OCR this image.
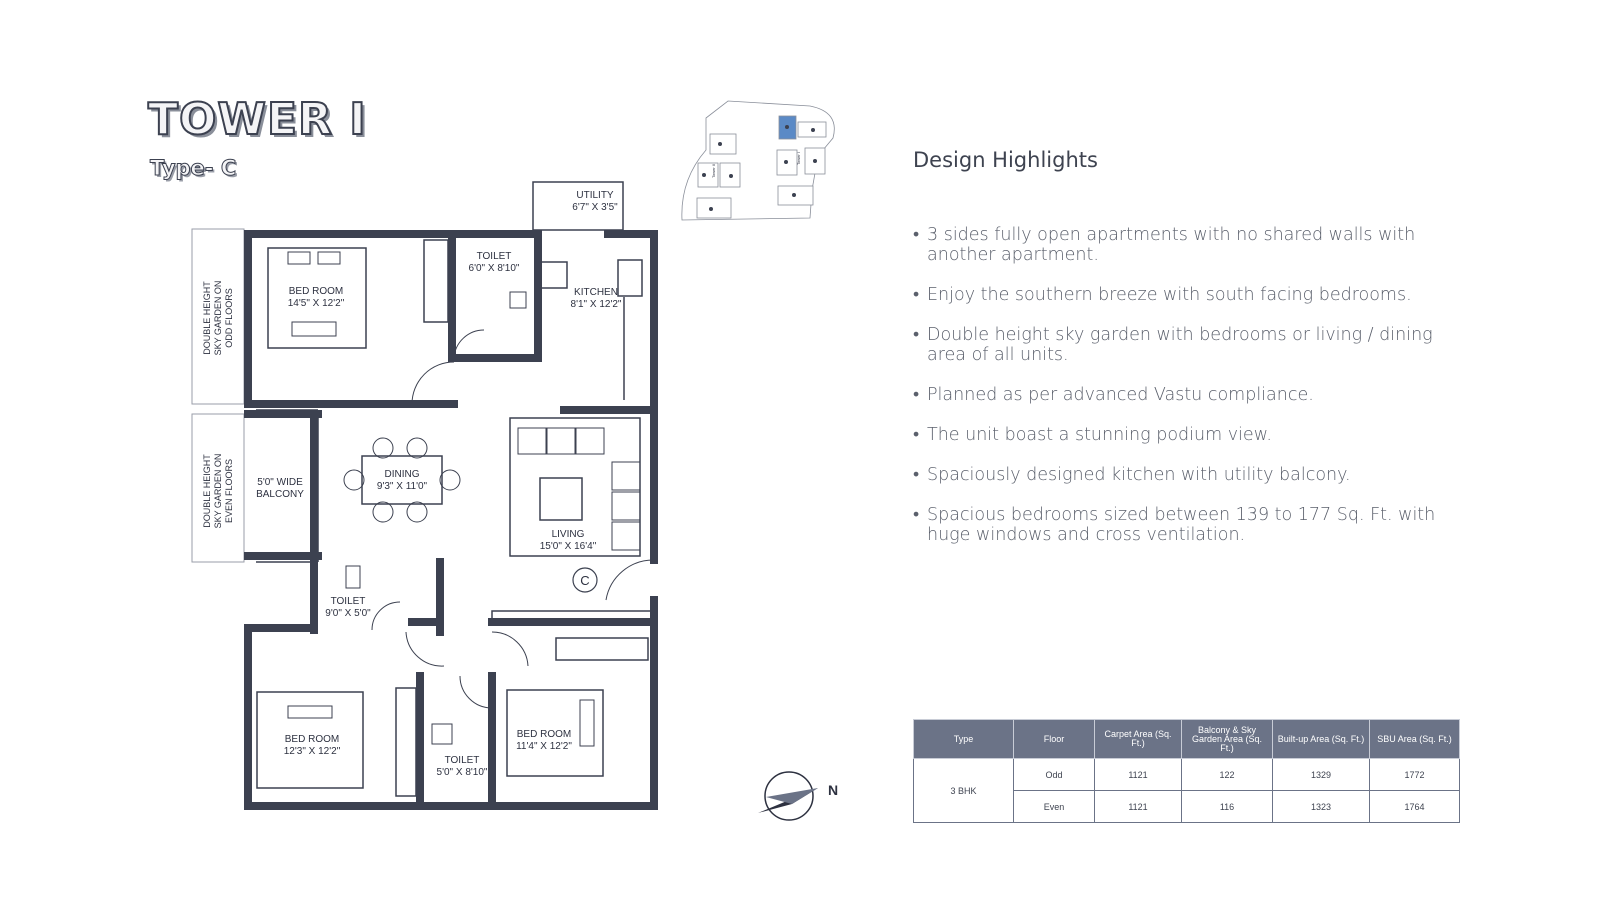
TOWER I
Type- C	Tower II
Tower I
DOUBLE HEIGHT SKY GARDEN ON ODD FLOORS
DOUBLE HEIGHT SKY GARDEN ON EVEN FLOORS
UTILITY
6'7" X 3'5"
TOILET
6'0" X 8'10"
KITCHEN
8'1" X 12'2"
BED ROOM
14'5" X 12'2"
DINING
9'3" X 11'0"
LIVING
15'0" X 16'4"
5'0" WIDE
BALCONY
TOILET
9'0" X 5'0"
BED ROOM
12'3" X 12'2"
TOILET
5'0" X 8'10"
BED ROOM
11'4" X 12'2"
C
N
Design Highlights
• 3 sides fully open apartments with no shared walls with another apartment.
• Enjoy the southern breeze with south facing bedrooms.
• Double height sky garden with bedrooms or living / dining area of all units.
• Planned as per advanced Vastu compliance.
• The unit boast a stunning podium view.
• Spaciously designed kitchen with utility balcony.
• Spacious bedrooms sized between 139 to 177 Sq. Ft. with huge windows and cross ventilation.
Type	Floor	Carpet Area (Sq. Ft.)	Balcony & Sky Garden Area (Sq. Ft.)	Built-up Area (Sq. Ft.)	SBU Area (Sq. Ft.)
3 BHK	Odd	1121	122	1329	1772
	Even	1121	116	1323	1764
